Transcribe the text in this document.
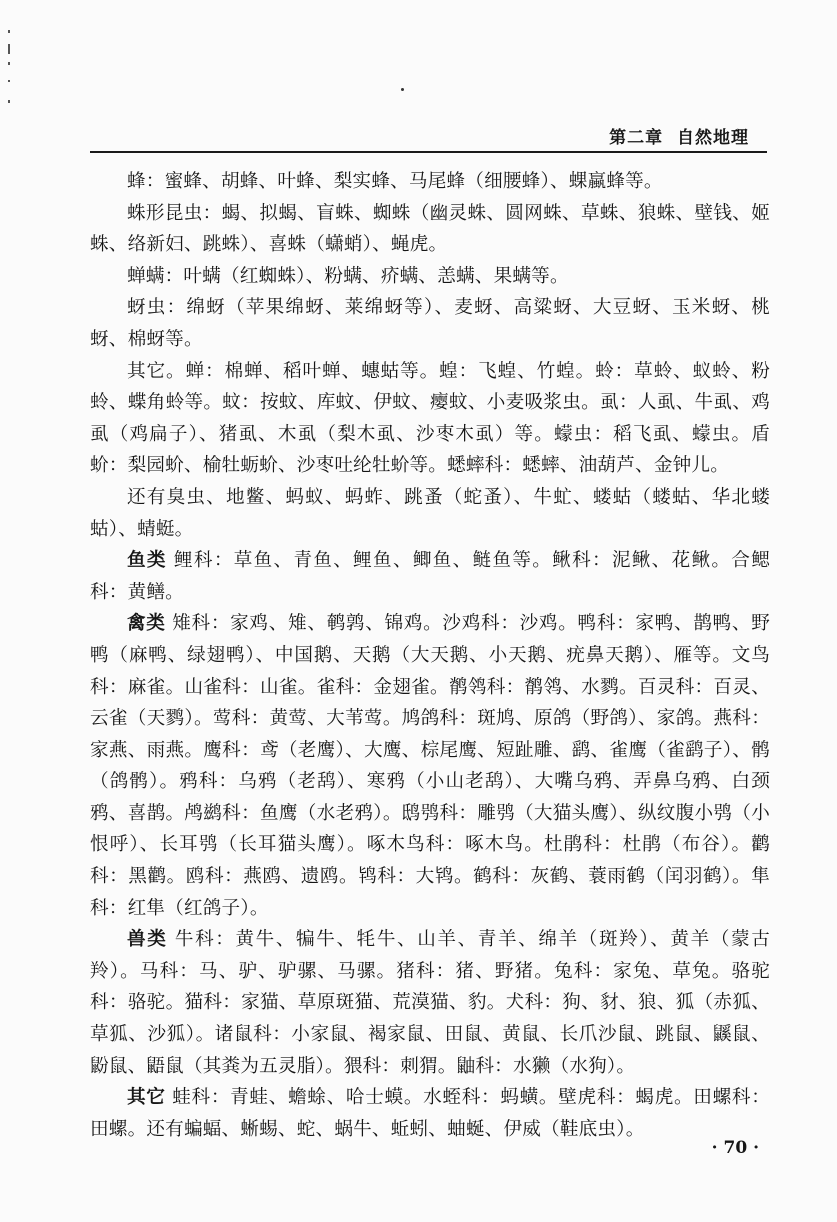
第二章  自然地理

蜂：蜜蜂、胡蜂、叶蜂、梨实蜂、马尾蜂（细腰蜂）、蜾蠃蜂等。

蛛形昆虫：蝎、拟蝎、盲蛛、蜘蛛（幽灵蛛、圆网蛛、草蛛、狼蛛、壁钱、姬蛛、络新妇、跳蛛）、喜蛛（蟏蛸）、蝇虎。

蝉螨：叶螨（红蜘蛛）、粉螨、疥螨、恙螨、果螨等。

蚜虫：绵蚜（苹果绵蚜、莱绵蚜等）、麦蚜、高粱蚜、大豆蚜、玉米蚜、桃蚜、棉蚜等。

其它。蝉：棉蝉、稻叶蝉、蟪蛄等。蝗：飞蝗、竹蝗。蛉：草蛉、蚁蛉、粉蛉、蝶角蛉等。蚊：按蚊、库蚊、伊蚊、瘿蚊、小麦吸浆虫。虱：人虱、牛虱、鸡虱（鸡扁子）、猪虱、木虱（梨木虱、沙枣木虱）等。蠓虫：稻飞虱、蠓虫。盾蚧：梨园蚧、榆牡蛎蚧、沙枣吐纶牡蚧等。蟋蟀科：蟋蟀、油葫芦、金钟儿。

还有臭虫、地鳖、蚂蚁、蚂蚱、跳蚤（蛇蚤）、牛虻、蝼蛄（蝼蛄、华北蝼蛄）、蜻蜓。

鱼类 鲤科：草鱼、青鱼、鲤鱼、鲫鱼、鲢鱼等。鳅科：泥鳅、花鳅。合鳃科：黄鳝。

禽类 雉科：家鸡、雉、鹌鹑、锦鸡。沙鸡科：沙鸡。鸭科：家鸭、鹊鸭、野鸭（麻鸭、绿翅鸭）、中国鹅、天鹅（大天鹅、小天鹅、疣鼻天鹅）、雁等。文鸟科：麻雀。山雀科：山雀。雀科：金翅雀。鹡鸰科：鹡鸰、水鹨。百灵科：百灵、云雀（天鹨）。莺科：黄莺、大苇莺。鸠鸽科：斑鸠、原鸽（野鸽）、家鸽。燕科：家燕、雨燕。鹰科：鸢（老鹰）、大鹰、棕尾鹰、短趾雕、鹞、雀鹰（雀鹞子）、鹘（鸽鹘）。鸦科：乌鸦（老鸹）、寒鸦（小山老鸹）、大嘴乌鸦、弄鼻乌鸦、白颈鸦、喜鹊。鸬鹚科：鱼鹰（水老鸦）。鸱鸮科：雕鸮（大猫头鹰）、纵纹腹小鸮（小恨呼）、长耳鸮（长耳猫头鹰）。啄木鸟科：啄木鸟。杜鹃科：杜鹃（布谷）。鹳科：黑鹳。鸥科：燕鸥、遗鸥。鸨科：大鸨。鹤科：灰鹤、蓑雨鹤（闰羽鹤）。隼科：红隼（红鸽子）。

兽类 牛科：黄牛、犏牛、牦牛、山羊、青羊、绵羊（斑羚）、黄羊（蒙古羚）。马科：马、驴、驴骡、马骡。猪科：猪、野猪。兔科：家兔、草兔。骆驼科：骆驼。猫科：家猫、草原斑猫、荒漠猫、豹。犬科：狗、豺、狼、狐（赤狐、草狐、沙狐）。诸鼠科：小家鼠、褐家鼠、田鼠、黄鼠、长爪沙鼠、跳鼠、鼷鼠、鼢鼠、鼯鼠（其粪为五灵脂）。猥科：刺猬。鼬科：水獭（水狗）。

其它 蛙科：青蛙、蟾蜍、哈士蟆。水蛭科：蚂蟥。壁虎科：蝎虎。田螺科：田螺。还有蝙蝠、蜥蜴、蛇、蜗牛、蚯蚓、蚰蜒、伊威（鞋底虫）。

· 70 ·
